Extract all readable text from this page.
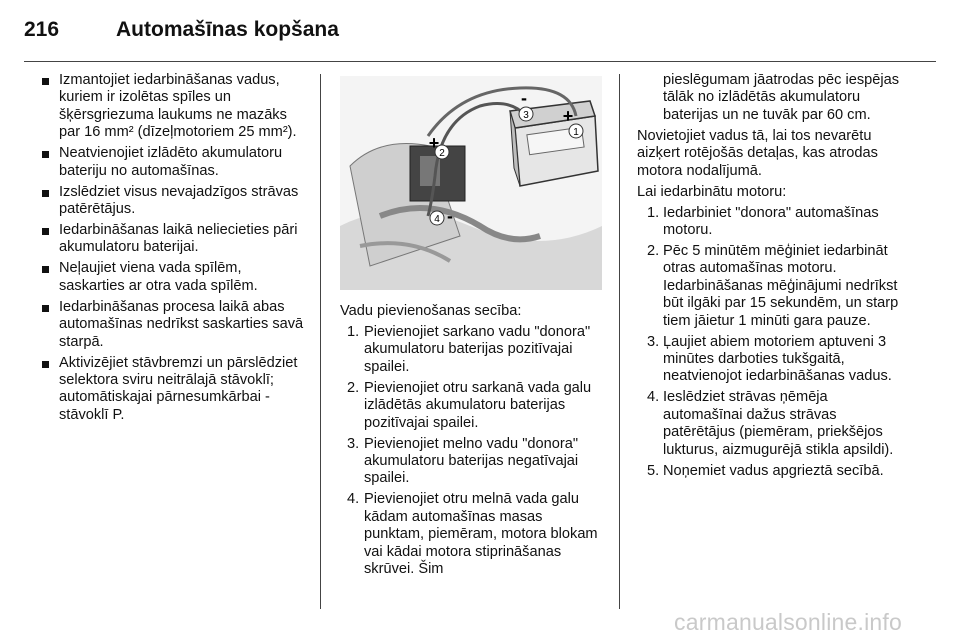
216	Automašīnas kopšana
Izmantojiet iedarbināšanas vadus, kuriem ir izolētas spīles un šķērsgriezuma laukums ne mazāks par 16 mm² (dīzeļmotoriem 25 mm²).
Neatvienojiet izlādēto akumulatoru bateriju no automašīnas.
Izslēdziet visus nevajadzīgos strāvas patērētājus.
Iedarbināšanas laikā neliecieties pāri akumulatoru baterijai.
Neļaujiet viena vada spīlēm, saskarties ar otra vada spīlēm.
Iedarbināšanas procesa laikā abas automašīnas nedrīkst saskarties savā starpā.
Aktivizējiet stāvbremzi un pārslēdziet selektora sviru neitrālajā stāvoklī; automātiskajai pārnesumkārbai - stāvoklī P.
1
+
2
+
3
-
4 -

Vadu pievienošanas secība:

1. Pievienojiet sarkano vadu "donora" akumulatoru baterijas pozitīvajai spailei.
2. Pievienojiet otru sarkanā vada galu izlādētās akumulatoru baterijas pozitīvajai spailei.
3. Pievienojiet melno vadu "donora" akumulatoru baterijas negatīvajai spailei.
4. Pievienojiet otru melnā vada galu kādam automašīnas masas punktam, piemēram, motora blokam vai kādai motora stiprināšanas skrūvei. Šim

pieslēgumam jāatrodas pēc iespējas tālāk no izlādētās akumulatoru baterijas un ne tuvāk par 60 cm.

Novietojiet vadus tā, lai tos nevarētu aizķert rotējošās detaļas, kas atrodas motora nodalījumā.

Lai iedarbinātu motoru:

1. Iedarbiniet "donora" automašīnas motoru.
2. Pēc 5 minūtēm mēģiniet iedarbināt otras automašīnas motoru. Iedarbināšanas mēģinājumi nedrīkst būt ilgāki par 15 sekundēm, un starp tiem jāietur 1 minūti gara pauze.
3. Ļaujiet abiem motoriem aptuveni 3 minūtes darboties tukšgaitā, neatvienojot iedarbināšanas vadus.
4. Ieslēdziet strāvas ņēmēja automašīnai dažus strāvas patērētājus (piemēram, priekšējos lukturus, aizmugurējā stikla apsildi).
5. Noņemiet vadus apgrieztā secībā.
carmanualsonline.info
